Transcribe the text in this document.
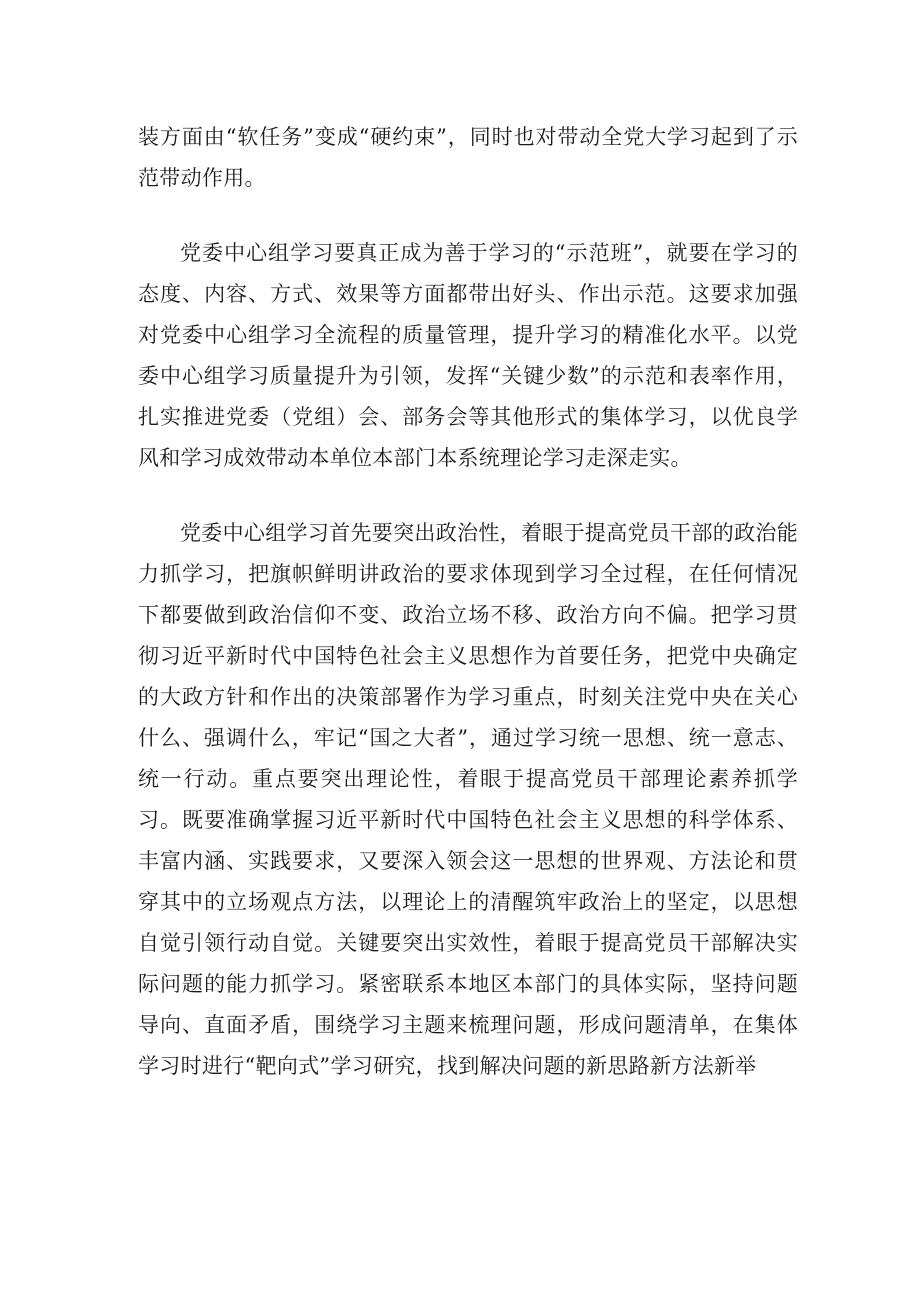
装方面由“软任务”变成“硬约束”，同时也对带动全党大学习起到了示范带动作用。

党委中心组学习要真正成为善于学习的“示范班”，就要在学习的态度、内容、方式、效果等方面都带出好头、作出示范。这要求加强对党委中心组学习全流程的质量管理，提升学习的精准化水平。以党委中心组学习质量提升为引领，发挥“关键少数”的示范和表率作用，扎实推进党委（党组）会、部务会等其他形式的集体学习，以优良学风和学习成效带动本单位本部门本系统理论学习走深走实。

党委中心组学习首先要突出政治性，着眼于提高党员干部的政治能力抓学习，把旗帜鲜明讲政治的要求体现到学习全过程，在任何情况下都要做到政治信仰不变、政治立场不移、政治方向不偏。把学习贯彻习近平新时代中国特色社会主义思想作为首要任务，把党中央确定的大政方针和作出的决策部署作为学习重点，时刻关注党中央在关心什么、强调什么，牢记“国之大者”，通过学习统一思想、统一意志、统一行动。重点要突出理论性，着眼于提高党员干部理论素养抓学习。既要准确掌握习近平新时代中国特色社会主义思想的科学体系、丰富内涵、实践要求，又要深入领会这一思想的世界观、方法论和贯穿其中的立场观点方法，以理论上的清醒筑牢政治上的坚定，以思想自觉引领行动自觉。关键要突出实效性，着眼于提高党员干部解决实际问题的能力抓学习。紧密联系本地区本部门的具体实际，坚持问题导向、直面矛盾，围绕学习主题来梳理问题，形成问题清单，在集体学习时进行“靶向式”学习研究，找到解决问题的新思路新方法新举
